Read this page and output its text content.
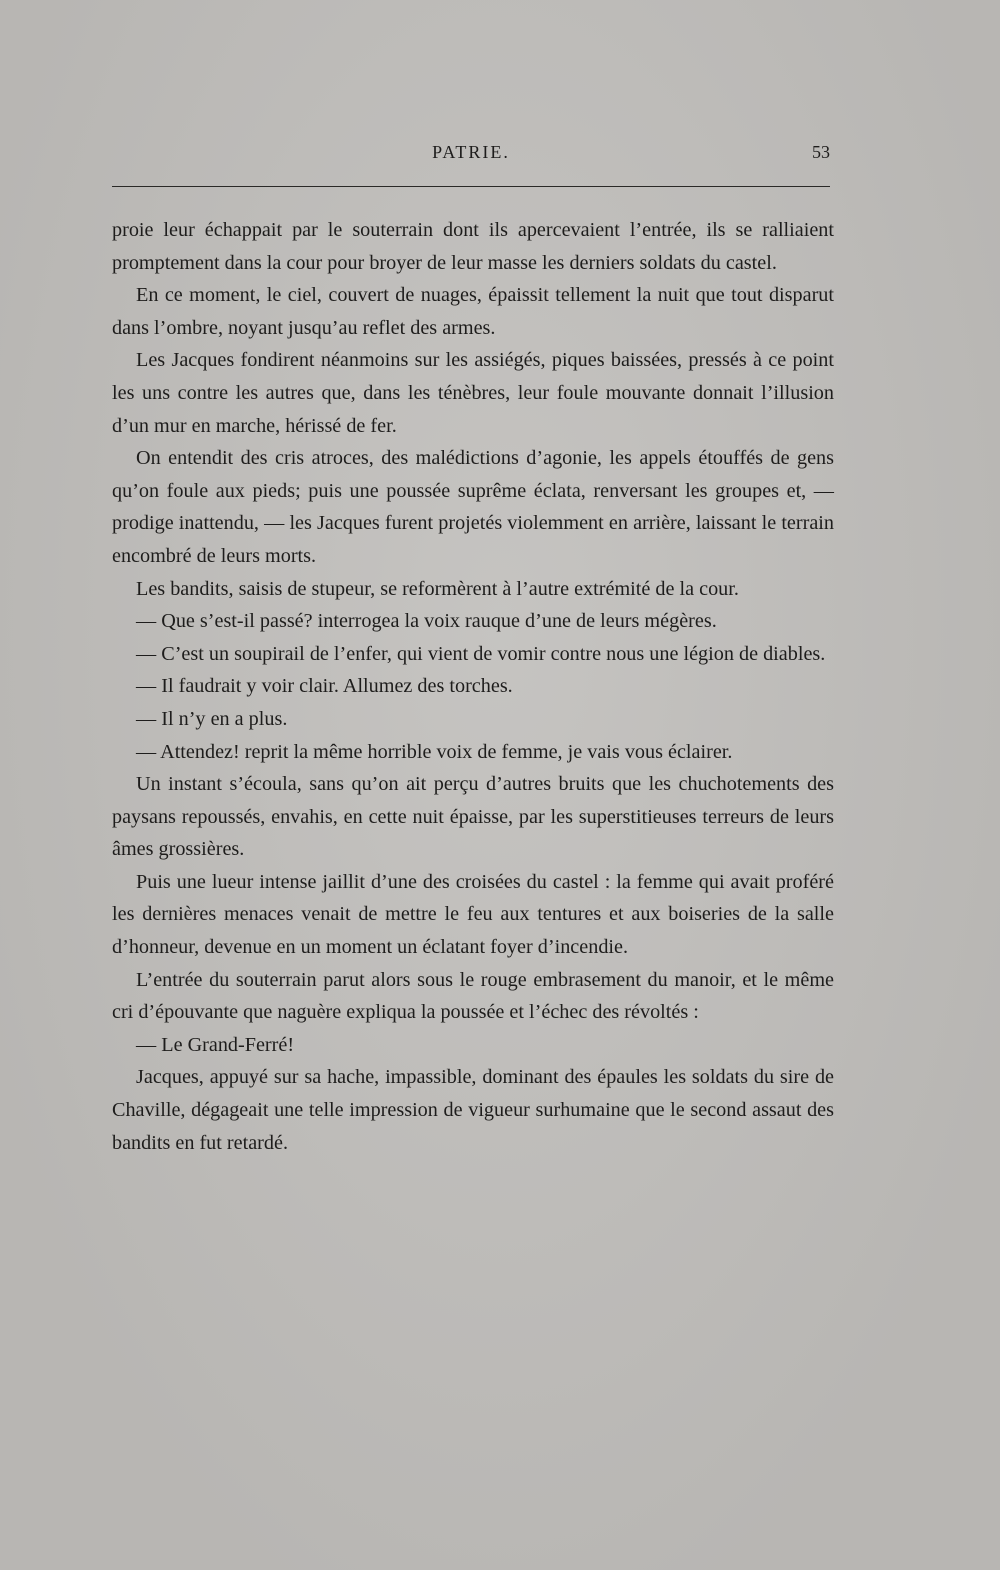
PATRIE.	53

proie leur échappait par le souterrain dont ils apercevaient l’entrée, ils se ralliaient promptement dans la cour pour broyer de leur masse les derniers soldats du castel.

En ce moment, le ciel, couvert de nuages, épaissit tellement la nuit que tout disparut dans l’ombre, noyant jusqu’au reflet des armes.

Les Jacques fondirent néanmoins sur les assiégés, piques baissées, pressés à ce point les uns contre les autres que, dans les ténèbres, leur foule mouvante donnait l’illusion d’un mur en marche, hérissé de fer.

On entendit des cris atroces, des malédictions d’agonie, les appels étouffés de gens qu’on foule aux pieds; puis une poussée suprême éclata, renversant les groupes et, — prodige inattendu, — les Jacques furent projetés violemment en arrière, laissant le terrain encombré de leurs morts.

Les bandits, saisis de stupeur, se reformèrent à l’autre extrémité de la cour.

— Que s’est-il passé? interrogea la voix rauque d’une de leurs mégères.

— C’est un soupirail de l’enfer, qui vient de vomir contre nous une légion de diables.

— Il faudrait y voir clair. Allumez des torches.

— Il n’y en a plus.

— Attendez! reprit la même horrible voix de femme, je vais vous éclairer.

Un instant s’écoula, sans qu’on ait perçu d’autres bruits que les chuchotements des paysans repoussés, envahis, en cette nuit épaisse, par les superstitieuses terreurs de leurs âmes grossières.

Puis une lueur intense jaillit d’une des croisées du castel : la femme qui avait proféré les dernières menaces venait de mettre le feu aux tentures et aux boiseries de la salle d’honneur, devenue en un moment un éclatant foyer d’incendie.

L’entrée du souterrain parut alors sous le rouge embrasement du manoir, et le même cri d’épouvante que naguère expliqua la poussée et l’échec des révoltés :

— Le Grand-Ferré!

Jacques, appuyé sur sa hache, impassible, dominant des épaules les soldats du sire de Chaville, dégageait une telle impression de vigueur surhumaine que le second assaut des bandits en fut retardé.
